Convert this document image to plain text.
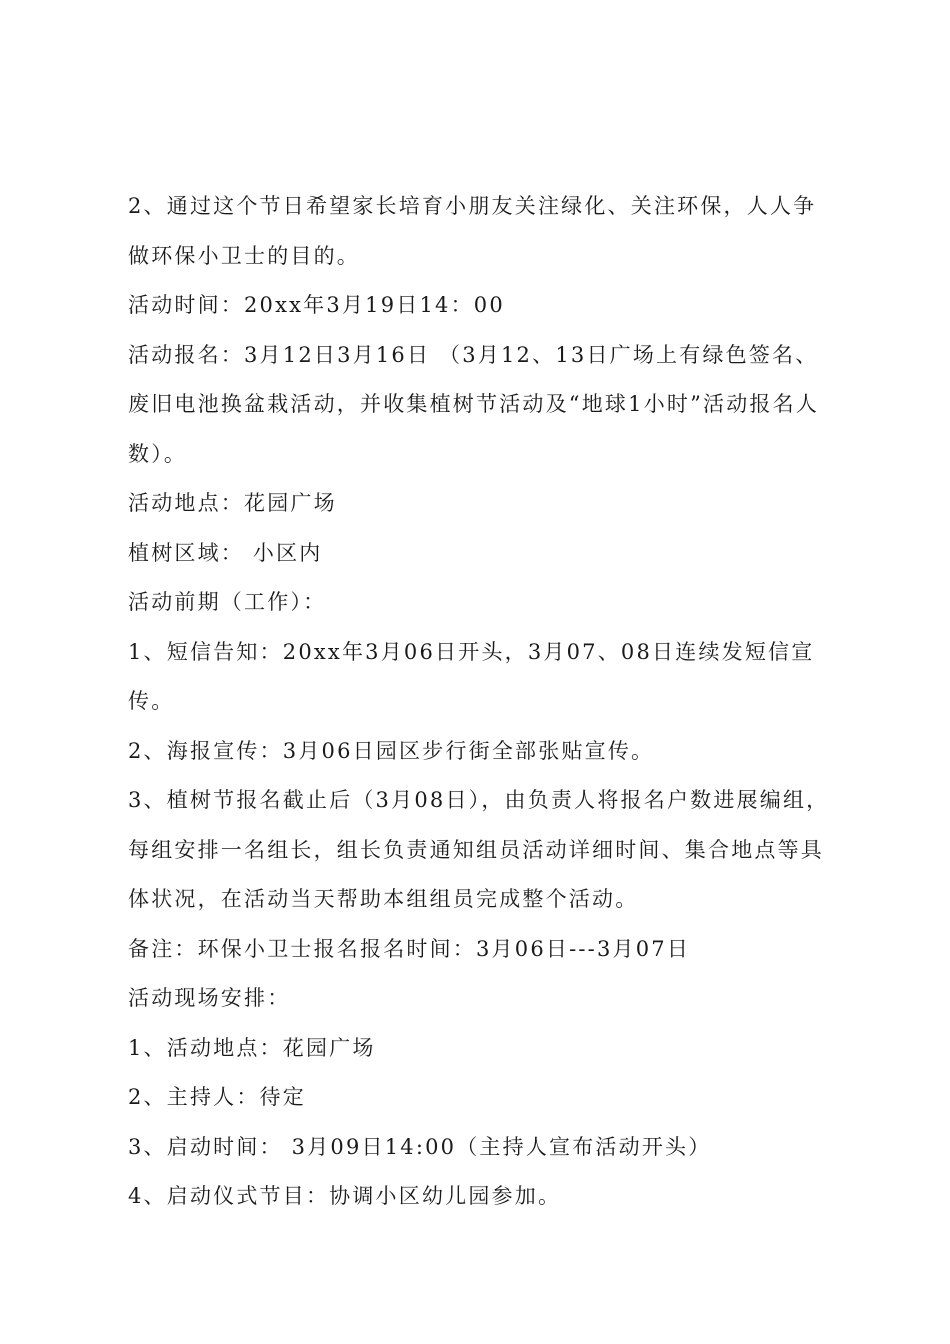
2、通过这个节日希望家长培育小朋友关注绿化、关注环保，人人争做环保小卫士的目的。

活动时间：20xx年3月19日14：00

活动报名：3月12日3月16日 （3月12、13日广场上有绿色签名、废旧电池换盆栽活动，并收集植树节活动及“地球1小时”活动报名人数）。

活动地点：花园广场

植树区域： 小区内

活动前期（工作）：

1、短信告知：20xx年3月06日开头，3月07、08日连续发短信宣传。

2、海报宣传：3月06日园区步行街全部张贴宣传。

3、植树节报名截止后（3月08日），由负责人将报名户数进展编组，每组安排一名组长，组长负责通知组员活动详细时间、集合地点等具体状况，在活动当天帮助本组组员完成整个活动。

备注：环保小卫士报名报名时间：3月06日---3月07日

活动现场安排：

1、活动地点：花园广场

2、主持人：待定

3、启动时间： 3月09日14:00（主持人宣布活动开头）

4、启动仪式节目：协调小区幼儿园参加。
